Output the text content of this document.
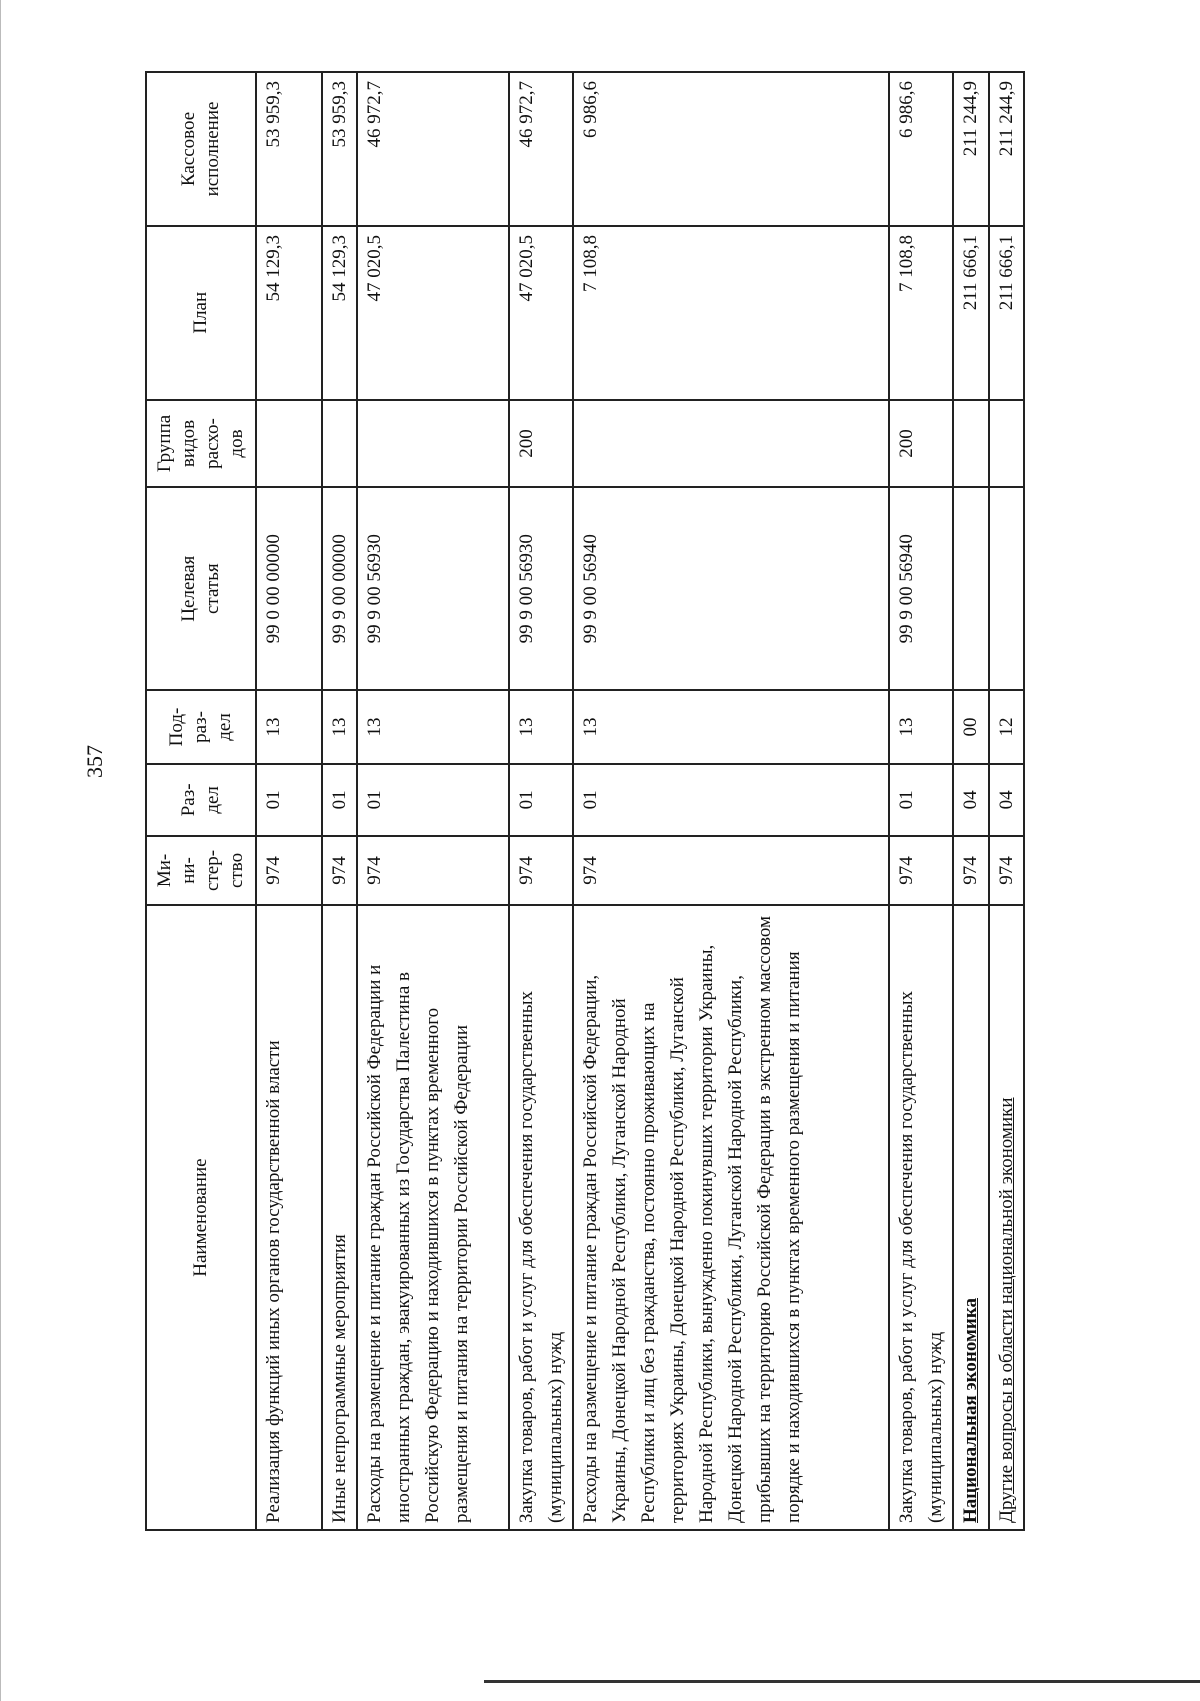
357
Наименование	Ми-
ни-
стер-
ство	Раз-
дел	Под-
раз-
дел	Целевая
статья	Группа
видов
расхо-
дов	План	Кассовое
исполнение
Реализация функций иных органов государственной власти	974	01	13	99 0 00 00000		54 129,3	53 959,3
Иные непрограммные мероприятия	974	01	13	99 9 00 00000		54 129,3	53 959,3
Расходы на размещение и питание граждан Российской Федерации и иностранных граждан, эвакуированных из Государства Палестина в Российскую Федерацию и находившихся в пунктах временного размещения и питания на территории Российской Федерации	974	01	13	99 9 00 56930		47 020,5	46 972,7
Закупка товаров, работ и услуг для обеспечения государственных (муниципальных) нужд	974	01	13	99 9 00 56930	200	47 020,5	46 972,7
Расходы на размещение и питание граждан Российской Федерации, Украины, Донецкой Народной Республики, Луганской Народной Республики и лиц без гражданства, постоянно проживающих на территориях Украины, Донецкой Народной Республики, Луганской Народной Республики, вынужденно покинувших территории Украины, Донецкой Народной Республики, Луганской Народной Республики, прибывших на территорию Российской Федерации в экстренном массовом порядке и находившихся в пунктах временного размещения и питания	974	01	13	99 9 00 56940		7 108,8	6 986,6
Закупка товаров, работ и услуг для обеспечения государственных (муниципальных) нужд	974	01	13	99 9 00 56940	200	7 108,8	6 986,6
Национальная экономика	974	04	00			211 666,1	211 244,9
Другие вопросы в области национальной экономики	974	04	12			211 666,1	211 244,9
